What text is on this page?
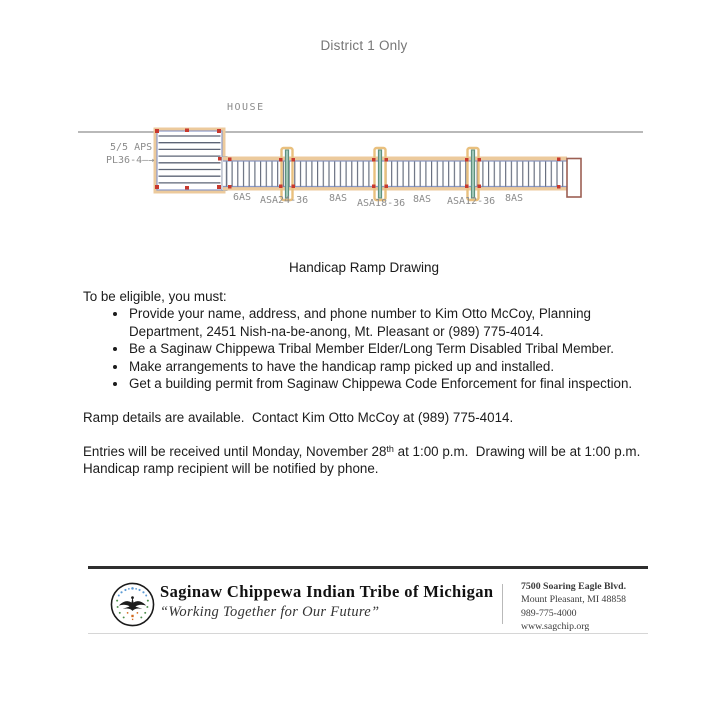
District 1 Only
HOUSE
5/5 APS
PL36-4—→
6AS ASA24-36 8AS ASA18-36 8AS ASA12-36 8AS
Handicap Ramp Drawing

To be eligible, you must:

• Provide your name, address, and phone number to Kim Otto McCoy, Planning Department, 2451 Nish-na-be-anong, Mt. Pleasant or (989) 775-4014.
• Be a Saginaw Chippewa Tribal Member Elder/Long Term Disabled Tribal Member.
• Make arrangements to have the handicap ramp picked up and installed.
• Get a building permit from Saginaw Chippewa Code Enforcement for final inspection.

Ramp details are available.  Contact Kim Otto McCoy at (989) 775-4014.

Entries will be received until Monday, November 28th at 1:00 p.m.  Drawing will be at 1:00 p.m.

Handicap ramp recipient will be notified by phone.

Saginaw Chippewa Indian Tribe of Michigan
“Working Together for Our Future”
7500 Soaring Eagle Blvd.
Mount Pleasant, MI 48858
989-775-4000
www.sagchip.org
